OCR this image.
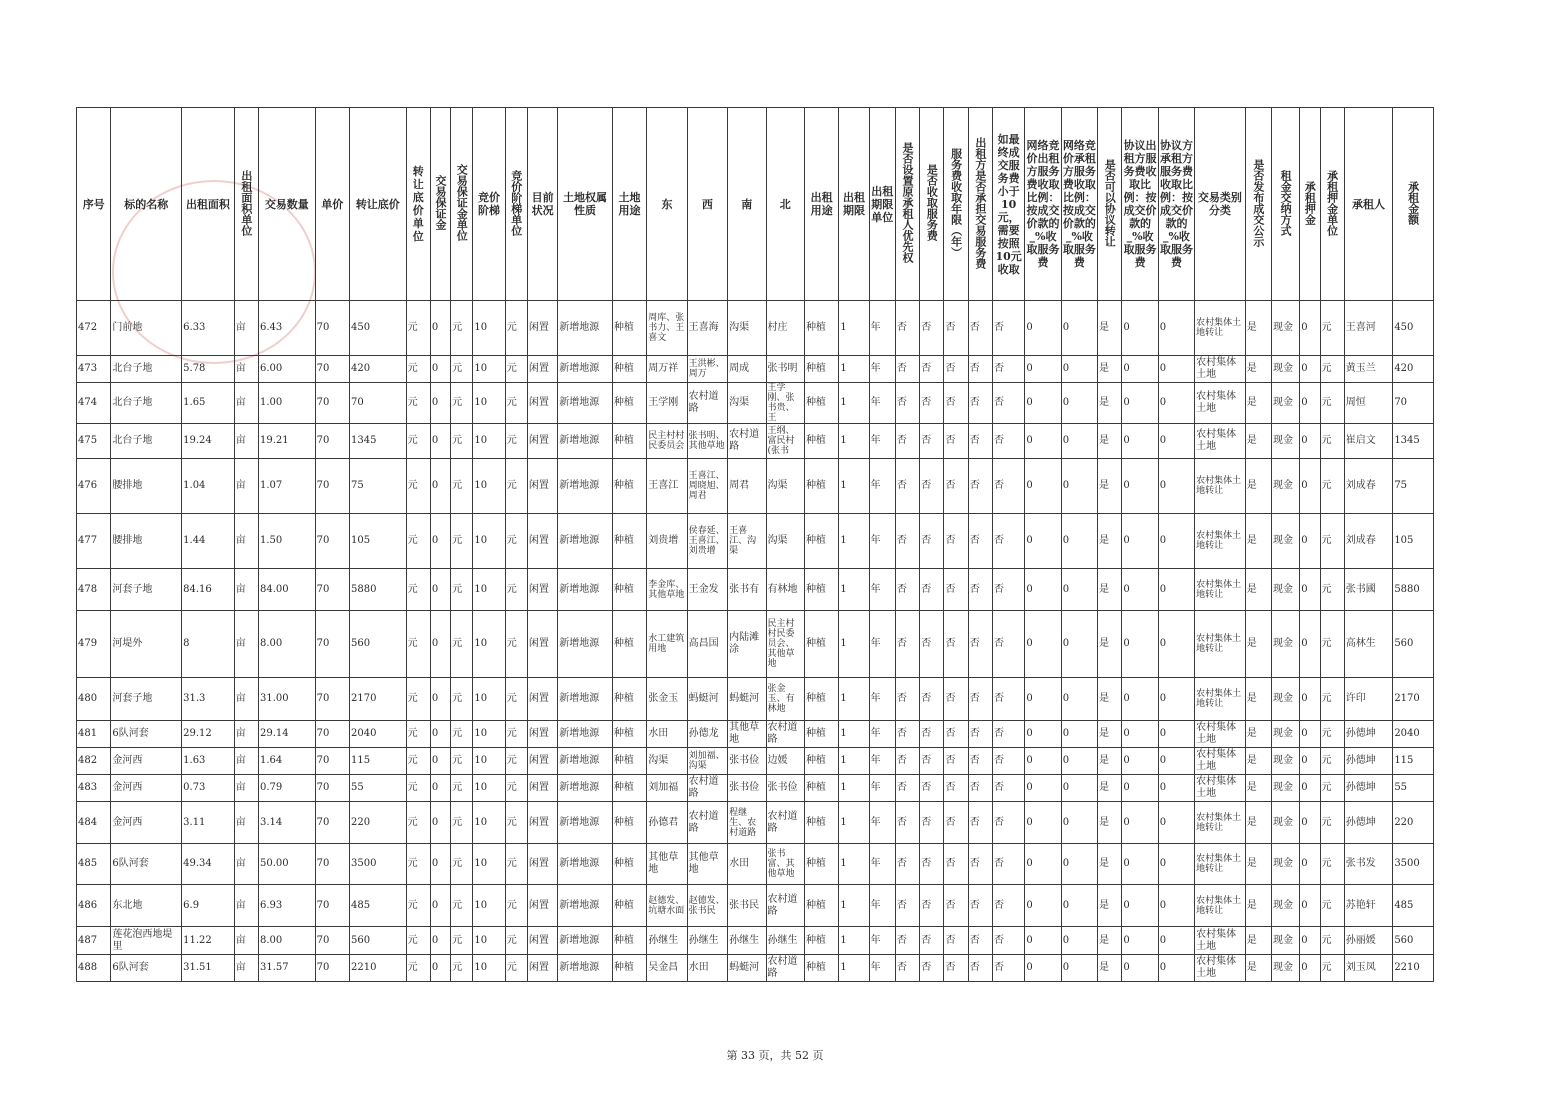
序号	标的名称	出租面积	出租面积单位	交易数量	单价	转让底价	转让底价单位	交易保证金	交易保证金单位	竞价阶梯	竞价阶梯单位	目前状况	土地权属性质	土地用途	东	西	南	北	出租用途	出租期限	出租期限单位	是否设置原承租人优先权	是否收取服务费	服务费收取年限（年）	出租方是否承担交易服务费	如最终成交服务费小于10元，需要按照10元收取	网络竞价出租方服务费收取比例：按成交价款的_%收取服务费	网络竞价承租方服务费收取比例：按成交价款的_%收取服务费	是否可以协议转让	协议出租方服务费收取比例：按成交价款的_%收取服务费	协议方承租方服务费收取比例：按成交价款的_%收取服务费	交易类别分类	是否发布成交公示	租金交纳方式	承租押金	承租押金单位	承租人	承租金额
472	门前地	6.33	亩	6.43	70	450	元	0	元	10	元	闲置	新增地源	种植	周库、张书力、王喜文	王喜海	沟渠	村庄	种植	1	年	否	否	否	否	否	0	0	是	0	0	农村集体土地转让	是	现金	0	元	王喜河	450
473	北台子地	5.78	亩	6.00	70	420	元	0	元	10	元	闲置	新增地源	种植	周万祥	王洪彬、周万	周成	张书明	种植	1	年	否	否	否	否	否	0	0	是	0	0	农村集体土地	是	现金	0	元	黄玉兰	420
474	北台子地	1.65	亩	1.00	70	70	元	0	元	10	元	闲置	新增地源	种植	王学刚	农村道路	沟渠	王学刚、张书贵、王	种植	1	年	否	否	否	否	否	0	0	是	0	0	农村集体土地	是	现金	0	元	周恒	70
475	北台子地	19.24	亩	19.21	70	1345	元	0	元	10	元	闲置	新增地源	种植	民主村村民委员会	张书明、其他草地	农村道路	王纲、富民村(张书	种植	1	年	否	否	否	否	否	0	0	是	0	0	农村集体土地	是	现金	0	元	崔启文	1345
476	腰排地	1.04	亩	1.07	70	75	元	0	元	10	元	闲置	新增地源	种植	王喜江	王喜江、周晓旭、周君	周君	沟渠	种植	1	年	否	否	否	否	否	0	0	是	0	0	农村集体土地转让	是	现金	0	元	刘成春	75
477	腰排地	1.44	亩	1.50	70	105	元	0	元	10	元	闲置	新增地源	种植	刘贵增	侯春延、王喜江、刘贵增	王喜江、沟渠	沟渠	种植	1	年	否	否	否	否	否	0	0	是	0	0	农村集体土地转让	是	现金	0	元	刘成春	105
478	河套子地	84.16	亩	84.00	70	5880	元	0	元	10	元	闲置	新增地源	种植	李金库、其他草地	王金发	张书有	有林地	种植	1	年	否	否	否	否	否	0	0	是	0	0	农村集体土地转让	是	现金	0	元	张书國	5880
479	河堤外	8	亩	8.00	70	560	元	0	元	10	元	闲置	新增地源	种植	水工建筑用地	高昌国	内陆滩涂	民主村村民委员会、其他草地	种植	1	年	否	否	否	否	否	0	0	是	0	0	农村集体土地转让	是	现金	0	元	高林生	560
480	河套子地	31.3	亩	31.00	70	2170	元	0	元	10	元	闲置	新增地源	种植	张金玉	蚂蜓河	蚂蜓河	张金玉、有林地	种植	1	年	否	否	否	否	否	0	0	是	0	0	农村集体土地转让	是	现金	0	元	许印	2170
481	6队河套	29.12	亩	29.14	70	2040	元	0	元	10	元	闲置	新增地源	种植	水田	孙德龙	其他草地	农村道路	种植	1	年	否	否	否	否	否	0	0	是	0	0	农村集体土地	是	现金	0	元	孙德坤	2040
482	金河西	1.63	亩	1.64	70	115	元	0	元	10	元	闲置	新增地源	种植	沟渠	刘加福、沟渠	张书俭	边媛	种植	1	年	否	否	否	否	否	0	0	是	0	0	农村集体土地	是	现金	0	元	孙德坤	115
483	金河西	0.73	亩	0.79	70	55	元	0	元	10	元	闲置	新增地源	种植	刘加福	农村道路	张书俭	张书俭	种植	1	年	否	否	否	否	否	0	0	是	0	0	农村集体土地	是	现金	0	元	孙德坤	55
484	金河西	3.11	亩	3.14	70	220	元	0	元	10	元	闲置	新增地源	种植	孙德君	农村道路	程继生、农村道路	农村道路	种植	1	年	否	否	否	否	否	0	0	是	0	0	农村集体土地转让	是	现金	0	元	孙德坤	220
485	6队河套	49.34	亩	50.00	70	3500	元	0	元	10	元	闲置	新增地源	种植	其他草地	其他草地	水田	张书富、其他草地	种植	1	年	否	否	否	否	否	0	0	是	0	0	农村集体土地转让	是	现金	0	元	张书发	3500
486	东北地	6.9	亩	6.93	70	485	元	0	元	10	元	闲置	新增地源	种植	赵德发、坑塘水面	赵德发、张书民	张书民	农村道路	种植	1	年	否	否	否	否	否	0	0	是	0	0	农村集体土地转让	是	现金	0	元	苏艳轩	485
487	莲花泡西地堤里	11.22	亩	8.00	70	560	元	0	元	10	元	闲置	新增地源	种植	孙继生	孙继生	孙继生	孙继生	种植	1	年	否	否	否	否	否	0	0	是	0	0	农村集体土地	是	现金	0	元	孙丽媛	560
488	6队河套	31.51	亩	31.57	70	2210	元	0	元	10	元	闲置	新增地源	种植	吴金昌	水田	蚂蜓河	农村道路	种植	1	年	否	否	否	否	否	0	0	是	0	0	农村集体土地	是	现金	0	元	刘玉凤	2210
第 33 页，共 52 页
